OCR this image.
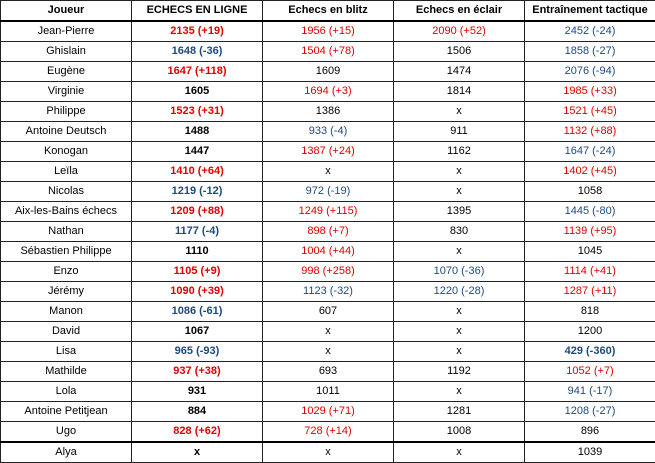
Joueur	ECHECS EN LIGNE	Echecs en blitz	Echecs en éclair	Entraînement tactique
Jean-Pierre	2135 (+19)	1956 (+15)	2090 (+52)	2452 (-24)
Ghislain	1648 (-36)	1504 (+78)	1506	1858 (-27)
Eugène	1647 (+118)	1609	1474	2076 (-94)
Virginie	1605	1694 (+3)	1814	1985 (+33)
Philippe	1523 (+31)	1386	x	1521 (+45)
Antoine Deutsch	1488	933 (-4)	911	1132 (+88)
Konogan	1447	1387 (+24)	1162	1647 (-24)
Leïla	1410 (+64)	x	x	1402 (+45)
Nicolas	1219 (-12)	972 (-19)	x	1058
Aix-les-Bains échecs	1209 (+88)	1249 (+115)	1395	1445 (-80)
Nathan	1177 (-4)	898 (+7)	830	1139 (+95)
Sébastien Philippe	1110	1004 (+44)	x	1045
Enzo	1105 (+9)	998 (+258)	1070 (-36)	1114 (+41)
Jérémy	1090 (+39)	1123 (-32)	1220 (-28)	1287 (+11)
Manon	1086 (-61)	607	x	818
David	1067	x	x	1200
Lisa	965 (-93)	x	x	429 (-360)
Mathilde	937 (+38)	693	1192	1052 (+7)
Lola	931	1011	x	941 (-17)
Antoine Petitjean	884	1029 (+71)	1281	1208 (-27)
Ugo	828 (+62)	728 (+14)	1008	896
Alya	x	x	x	1039
